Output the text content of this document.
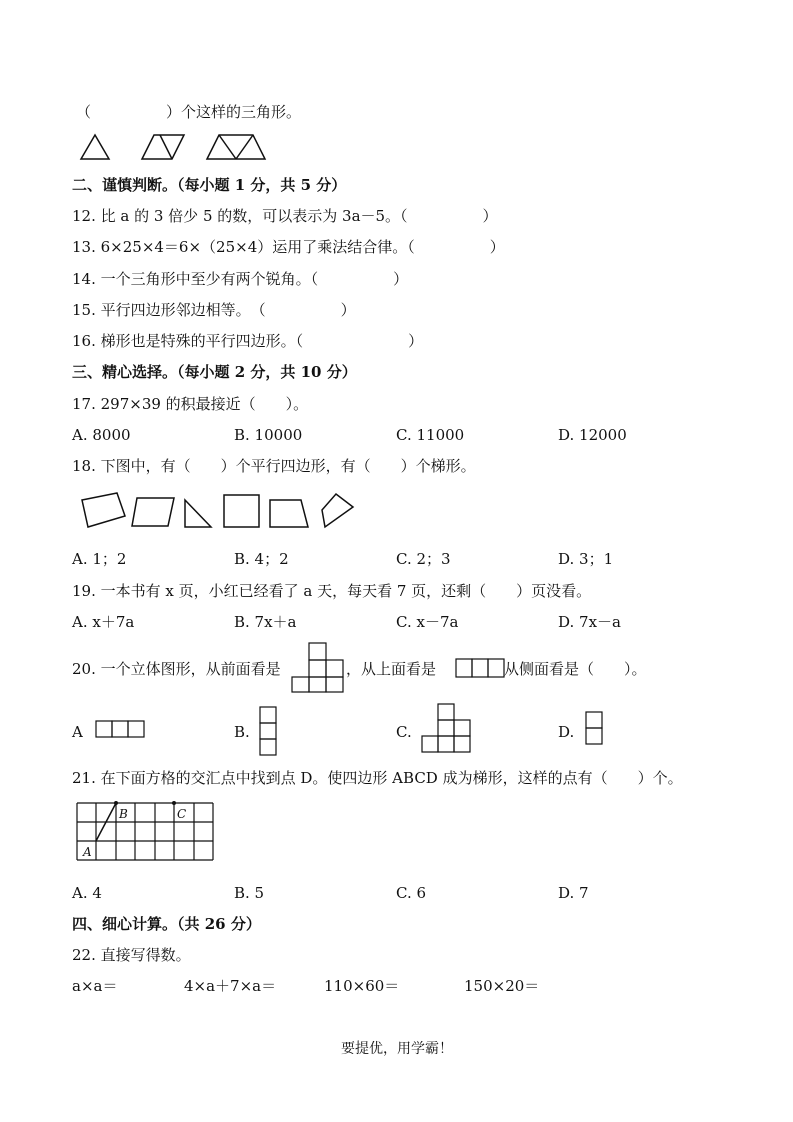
（　　　　　）个这样的三角形。
二、谨慎判断。（每小题 1 分，共 5 分）
12. 比 a 的 3 倍少 5 的数，可以表示为 3a－5。（　　　　　）
13. 6×25×4＝6×（25×4）运用了乘法结合律。（　　　　　）
14. 一个三角形中至少有两个锐角。（　　　　　）
15. 平行四边形邻边相等。　（　　　　　）
16. 梯形也是特殊的平行四边形。（　　　　　　　）
三、精心选择。（每小题 2 分，共 10 分）
17. 297×39 的积最接近（　　）。
A. 8000	B. 10000	C. 11000	D. 12000
18. 下图中，有（　　）个平行四边形，有（　　）个梯形。
A. 1；2	B. 4；2	C. 2；3	D. 3；1
19. 一本书有 x 页，小红已经看了 a 天，每天看 7 页，还剩（　　）页没看。
A. x＋7a	B. 7x＋a	C. x－7a	D. 7x－a
20. 一个立体图形，从前面看是	，从上面看是	从侧面看是（　　）。
A	B.	C.	D.
21. 在下面方格的交汇点中找到点 D。使四边形 ABCD 成为梯形，这样的点有（　　）个。
B	C
A
A. 4	B. 5	C. 6	D. 7
四、细心计算。（共 26 分）
22. 直接写得数。
a×a＝	4×a＋7×a＝	110×60＝	150×20＝
要提优，用学霸！
